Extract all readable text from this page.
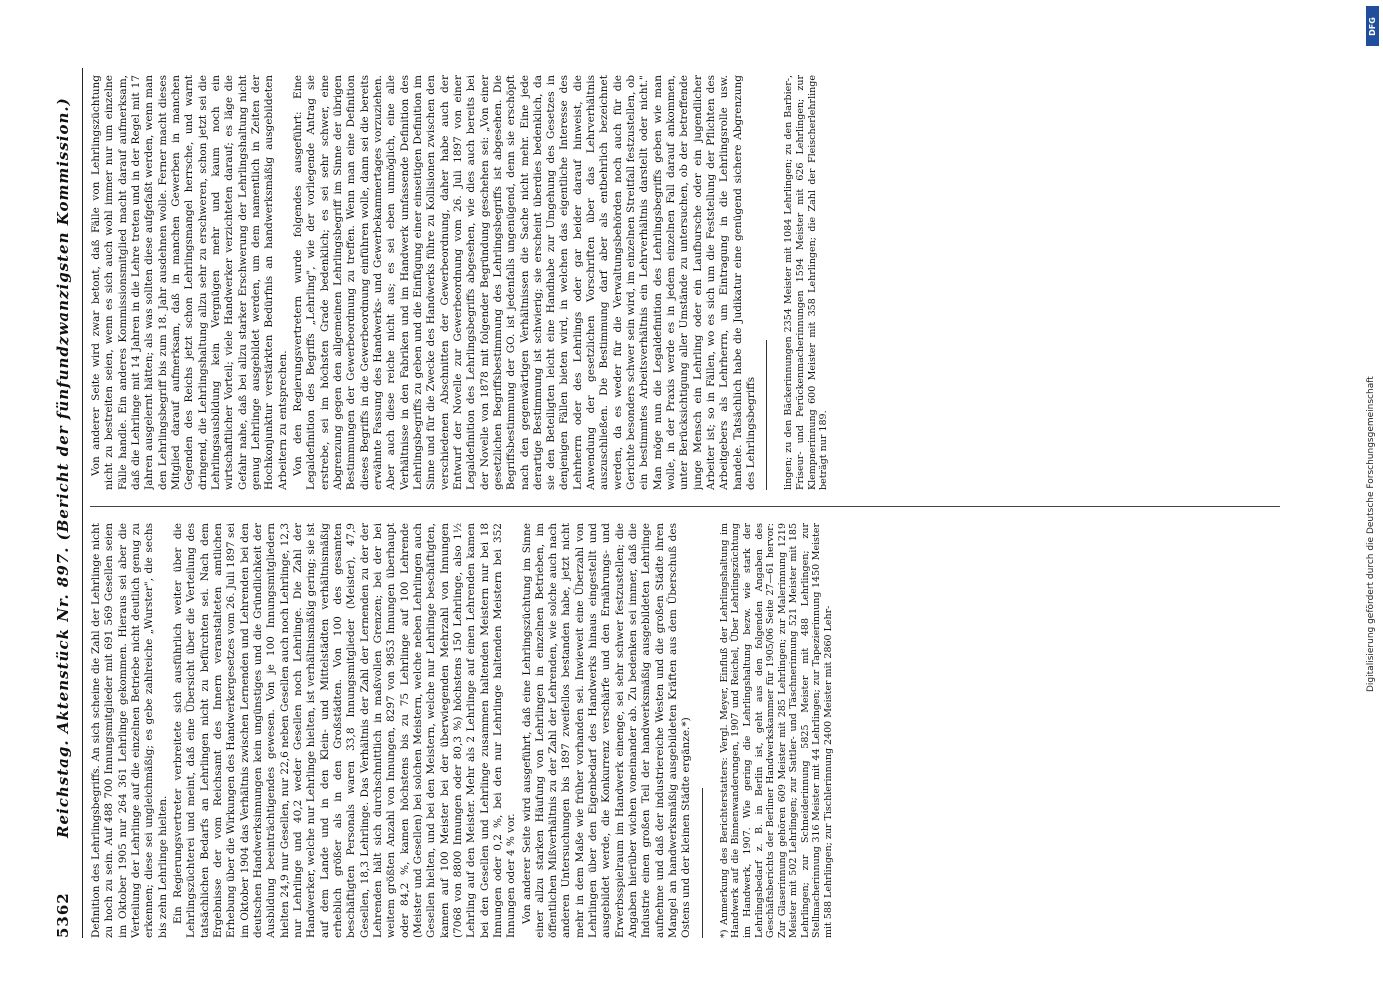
5362
Reichstag. Aktenstück Nr. 897. (Bericht der fünfundzwanzigsten Kommission.) Definition des Lehrlingsbegriffs. An sich scheine die Zahl der Lehrlinge nicht zu hoch zu sein. Auf 488 700 Innungsmitglieder mit 691 569 Gesellen seien im Oktober 1905 nur 264 361 Lehrlinge gekommen. Hieraus sei aber die Verteilung der Lehrlinge auf die einzelnen Betriebe nicht deutlich genug zu erkennen; diese sei ungleichmäßig; es gebe zahlreiche „Wurster", die sechs bis zehn Lehrlinge hielten. Ein Regierungsvertreter verbreitete sich ausführlich weiter über die Lehrlingszüchterei und meint, daß eine Übersicht über die Verteilung des tatsächlichen Bedarfs an Lehrlingen nicht zu befürchten sei. Nach dem Ergebnisse der vom Reichsamt des Innern veranstalteten amtlichen Erhebung über die Wirkungen des Handwerkergesetzes vom 26. Juli 1897 sei im Oktober 1904 das Verhältnis zwischen Lernenden und Lehrenden bei den deutschen Handwerksinnungen kein ungünstiges und die Gründlichkeit der Ausbildung beeinträchtigendes gewesen. Von je 100 Innungsmitgliedern hielten 24,9 nur Gesellen, nur 22,6 neben Gesellen auch noch Lehrlinge, 12,3 nur Lehrlinge und 40,2 weder Gesellen noch Lehrlinge. Die Zahl der Handwerker, welche nur Lehrlinge hielten, ist verhältnismäßig gering; sie ist auf dem Lande und in den Klein- und Mittelstädten verhältnismäßig erheblich größer als in den Großstädten. Von 100 des gesamten beschäftigten Personals waren 33,8 Innungsmitglieder (Meister), 47,9 Gesellen, 18,3 Lehrlinge. Das Verhältnis der Zahl der Lernenden zu der der Lehrenden hält sich durchschnittlich in maßvollen Grenzen; bei der bei weitem größten Anzahl von Innungen, 8297 von 9853 Innungen überhaupt oder 84,2 %, kamen höchstens bis zu 75 Lehrlinge auf 100 Lehrende (Meister und Gesellen) bei solchen Meistern, welche neben Lehrlingen auch Gesellen hielten, und bei den Meistern, welche nur Lehrlinge beschäftigten, kamen auf 100 Meister bei der überwiegenden Mehrzahl von Innungen (7068 von 8800 Innungen oder 80,3 %) höchstens 150 Lehrlinge, also 1½ Lehrling auf den Meister. Mehr als 2 Lehrlinge auf einen Lehrenden kamen bei den Gesellen und Lehrlinge zusammen haltenden Meistern nur bei 18 Innungen oder 0,2 %, bei den nur Lehrlinge haltenden Meistern bei 352 Innungen oder 4 % vor. Von anderer Seite wird ausgeführt, daß eine Lehrlingszüchtung im Sinne einer allzu starken Häufung von Lehrlingen in einzelnen Betrieben, im öffentlichen Mißverhältnis zu der Zahl der Lehrenden, wie solche auch nach anderen Untersuchungen bis 1897 zweifellos bestanden habe, jetzt nicht mehr in dem Maße wie früher vorhanden sei. Inwieweit eine Überzahl von Lehrlingen über den Eigenbedarf des Handwerks hinaus eingestellt und ausgebildet werde, die Konkurrenz verschärfe und den Ernährungs- und Erwerbsspielraum im Handwerk einenge, sei sehr schwer festzustellen; die Angaben hierüber wichen voneinander ab. Zu bedenken sei immer, daß die Industrie einen großen Teil der handwerksmäßig ausgebildeten Lehrlinge aufnehme und daß der industriereiche Westen und die großen Städte ihren Mangel an handwerksmäßig ausgebildeten Kräften aus dem Überschuß des Ostens und der kleinen Städte ergänze.*)	*) Anmerkung des Berichterstatters: Vergl. Meyer, Einfluß der Lehrlingshaltung im Handwerk auf die Binnenwanderungen, 1907 und Reichel, Über Lehrlingszüchtung im Handwerk, 1907. Wie gering die Lehrlingshaltung bezw. wie stark der Lehrlingsbedarf z. B. in Berlin ist, geht aus den folgenden Angaben des Geschäftsberichts der Berliner Handwerkskammer für 1905/06 Seite 27—61 hervor: Zur Glaserinnung gehören 609 Meister mit 285 Lehrlingen; zur Malerinnung 1219 Meister mit 502 Lehrlingen; zur Sattler- und Täschnerinnung 521 Meister mit 185 Lehrlingen; zur Schneiderinnung 5825 Meister mit 488 Lehrlingen; zur Stellmacherinnung 316 Meister mit 44 Lehrlingen; zur Tapezierinnung 1450 Meister mit 588 Lehrlingen; zur Tischlerinnung 2400 Meister mit 2860 Lehr-

Von anderer Seite wird zwar betont, daß Fälle von Lehrlingszüchtung nicht zu bestreiten seien, wenn es sich auch wohl immer nur um einzelne Fälle handle. Ein anderes Kommissionsmitglied macht darauf aufmerksam, daß die Lehrlinge mit 14 Jahren in die Lehre treten und in der Regel mit 17 Jahren ausgelernt hätten; als was sollten diese aufgefaßt werden, wenn man den Lehrlingsbegriff bis zum 18. Jahr ausdehnen wolle. Ferner macht dieses Mitglied darauf aufmerksam, daß in manchen Gewerben in manchen Gegenden des Reichs jetzt schon Lehrlingsmangel herrsche, und warnt dringend, die Lehrlingshaltung allzu sehr zu erschweren, schon jetzt sei die Lehrlingsausbildung kein Vergnügen mehr und kaum noch ein wirtschaftlicher Vorteil; viele Handwerker verzichteten darauf; es läge die Gefahr nahe, daß bei allzu starker Erschwerung der Lehrlingshaltung nicht genug Lehrlinge ausgebildet werden, um dem namentlich in Zeiten der Hochkonjunktur verstärkten Bedürfnis an handwerksmäßig ausgebildeten Arbeitern zu entsprechen. Von den Regierungsvertretern wurde folgendes ausgeführt: Eine Legaldefinition des Begriffs „Lehrling", wie der vorliegende Antrag sie erstrebe, sei im höchsten Grade bedenklich; es sei sehr schwer, eine Abgrenzung gegen den allgemeinen Lehrlingsbegriff im Sinne der übrigen Bestimmungen der Gewerbeordnung zu treffen. Wenn man eine Definition dieses Begriffs in die Gewerbeordnung einführen wolle, dann sei die bereits erwähnte Fassung des Handwerks- und Gewerbekammertages vorzuziehen. Aber auch diese reiche nicht aus; es sei eben unmöglich, eine alle Verhältnisse in den Fabriken und im Handwerk umfassende Definition des Lehrlingsbegriffs zu geben und die Einfügung einer einseitigen Definition im Sinne und für die Zwecke des Handwerks führe zu Kollisionen zwischen den verschiedenen Abschnitten der Gewerbeordnung, daher habe auch der Entwurf der Novelle zur Gewerbeordnung vom 26. Juli 1897 von einer Legaldefinition des Lehrlingsbegriffs abgesehen, wie dies auch bereits bei der Novelle von 1878 mit folgender Begründung geschehen sei: „Von einer gesetzlichen Begriffsbestimmung des Lehrlingsbegriffs ist abgesehen. Die Begriffsbestimmung der GO. ist jedenfalls ungenügend, denn sie erschöpft nach den gegenwärtigen Verhältnissen die Sache nicht mehr. Eine jede derartige Bestimmung ist schwierig; sie erscheint überdies bedenklich, da sie den Beteiligten leicht eine Handhabe zur Umgehung des Gesetzes in denjenigen Fällen bieten wird, in welchen das eigentliche Interesse des Lehrherrn oder des Lehrlings oder gar beider darauf hinweist, die Anwendung der gesetzlichen Vorschriften über das Lehrverhältnis auszuschließen. Die Bestimmung darf aber als entbehrlich bezeichnet werden, da es weder für die Verwaltungsbehörden noch auch für die Gerichte besonders schwer sein wird, im einzelnen Streitfall festzustellen, ob ein bestimmtes Arbeitsverhältnis ein Lehrverhältnis darstellt oder nicht." Man möge nun die Legaldefinition des Lehrlingsbegriffs geben wie man wolle, in der Praxis werde es in jedem einzelnen Fall darauf ankommen, unter Berücksichtigung aller Umstände zu untersuchen, ob der betreffende junge Mensch ein Lehrling oder ein Laufbursche oder ein jugendlicher Arbeiter ist; so in Fällen, wo es sich um die Feststellung der Pflichten des Arbeitgebers als Lehrherrn, um Eintragung in die Lehrlingsrolle usw. handele. Tatsächlich habe die Judikatur eine genügend sichere Abgrenzung des Lehrlingsbegriffs	lingen; zu den Bäckerinnungen 2354 Meister mit 1084 Lehrlingen; zu den Barbier-, Friseur- und Perückenmacherinnungen 1594 Meister mit 626 Lehrlingen; zur Klempnerinnung 600 Meister mit 358 Lehrlingen; die Zahl der Fleischerlehrlinge beträgt nur 189.
DFG
Digitalisierung gefördert durch die Deutsche Forschungsgemeinschaft
